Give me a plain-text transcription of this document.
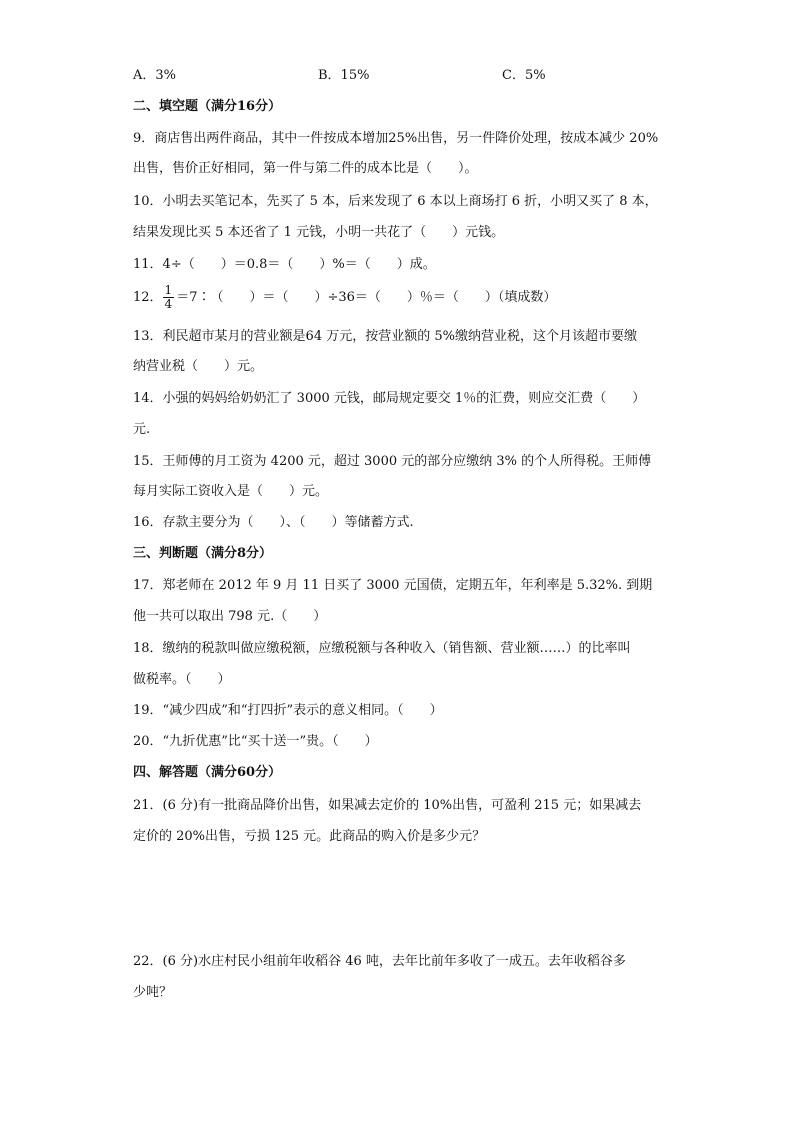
A．3%	B．15%	C．5%
二、填空题（满分16分）
9．商店售出两件商品，其中一件按成本增加25%出售，另一件降价处理，按成本减少 20%
出售，售价正好相同，第一件与第二件的成本比是（　　）。
10．小明去买笔记本，先买了 5 本，后来发现了 6 本以上商场打 6 折，小明又买了 8 本，
结果发现比买 5 本还省了 1 元钱，小明一共花了（　　）元钱。
11．4÷（　　）＝0.8＝（　　）%＝（　　）成。
12． $\frac{1}{4}$ ＝7∶（　　）＝（　　）÷36＝（　　）％＝（　　）（填成数）
13．利民超市某月的营业额是64 万元，按营业额的 5%缴纳营业税，这个月该超市要缴
纳营业税（　　）元。
14．小强的妈妈给奶奶汇了 3000 元钱，邮局规定要交 1％的汇费，则应交汇费（　　）
元.
15．王师傅的月工资为 4200 元，超过 3000 元的部分应缴纳 3% 的个人所得税。王师傅
每月实际工资收入是（　　）元。
16．存款主要分为（　　）、（　　）等储蓄方式.
三、判断题（满分8分）
17．郑老师在 2012 年 9 月 11 日买了 3000 元国债，定期五年，年利率是 5.32%. 到期
他一共可以取出 798 元.（　　）
18．缴纳的税款叫做应缴税额，应缴税额与各种收入（销售额、营业额……）的比率叫
做税率。（　　）
19．“减少四成”和“打四折”表示的意义相同。（　　）
20．“九折优惠”比“买十送一”贵。（　　）
四、解答题（满分60分）
21．(6 分)有一批商品降价出售，如果减去定价的 10%出售，可盈利 215 元；如果减去
定价的 20%出售，亏损 125 元。此商品的购入价是多少元？
22．(6 分)水庄村民小组前年收稻谷 46 吨，去年比前年多收了一成五。去年收稻谷多
少吨？
